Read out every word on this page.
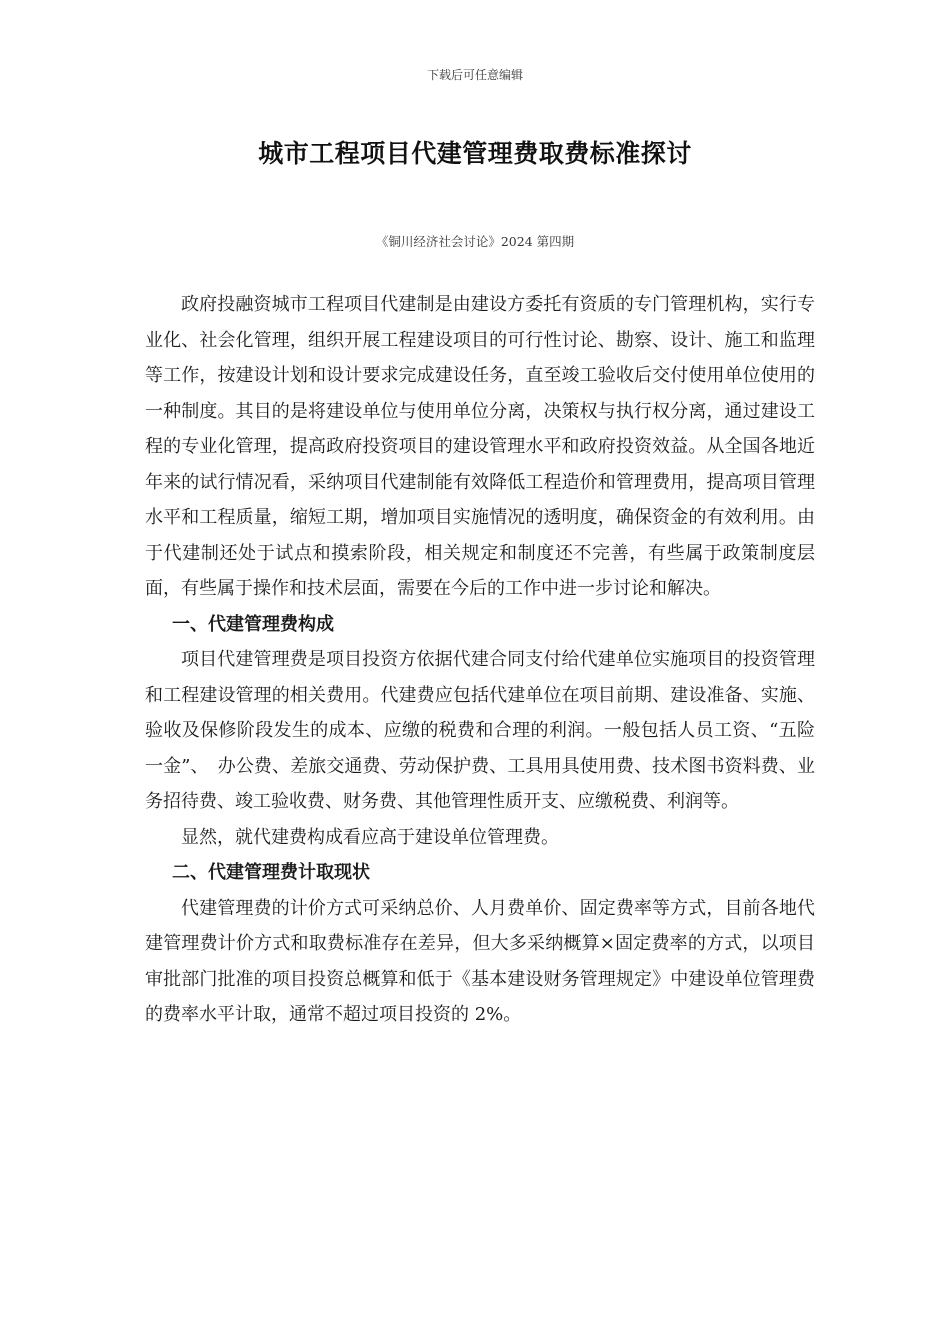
下载后可任意编辑
城市工程项目代建管理费取费标准探讨
《铜川经济社会讨论》2024 第四期

政府投融资城市工程项目代建制是由建设方委托有资质的专门管理机构，实行专业化、社会化管理，组织开展工程建设项目的可行性讨论、勘察、设计、施工和监理等工作，按建设计划和设计要求完成建设任务，直至竣工验收后交付使用单位使用的一种制度。其目的是将建设单位与使用单位分离，决策权与执行权分离，通过建设工程的专业化管理，提高政府投资项目的建设管理水平和政府投资效益。从全国各地近年来的试行情况看，采纳项目代建制能有效降低工程造价和管理费用，提高项目管理水平和工程质量，缩短工期，增加项目实施情况的透明度，确保资金的有效利用。由于代建制还处于试点和摸索阶段，相关规定和制度还不完善，有些属于政策制度层面，有些属于操作和技术层面，需要在今后的工作中进一步讨论和解决。

一、代建管理费构成

项目代建管理费是项目投资方依据代建合同支付给代建单位实施项目的投资管理和工程建设管理的相关费用。代建费应包括代建单位在项目前期、建设准备、实施、验收及保修阶段发生的成本、应缴的税费和合理的利润。一般包括人员工资、“五险一金”、　办公费、差旅交通费、劳动保护费、工具用具使用费、技术图书资料费、业务招待费、竣工验收费、财务费、其他管理性质开支、应缴税费、利润等。

显然，就代建费构成看应高于建设单位管理费。

二、代建管理费计取现状

代建管理费的计价方式可采纳总价、人月费单价、固定费率等方式，目前各地代建管理费计价方式和取费标准存在差异，但大多采纳概算×固定费率的方式，以项目审批部门批准的项目投资总概算和低于《基本建设财务管理规定》中建设单位管理费的费率水平计取，通常不超过项目投资的 2%。
